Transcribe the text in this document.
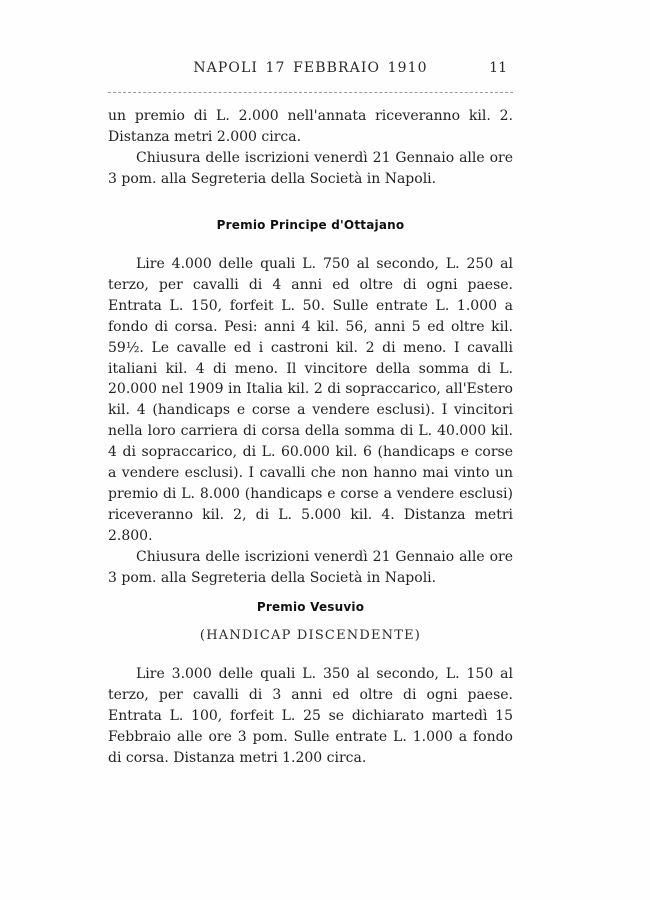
NAPOLI 17 FEBBRAIO 1910	11

un premio di L. 2.000 nell'annata riceveranno kil. 2. Distanza metri 2.000 circa.

Chiusura delle iscrizioni venerdì 21 Gennaio alle ore 3 pom. alla Segreteria della Società in Napoli.

Premio Principe d'Ottajano

Lire 4.000 delle quali L. 750 al secondo, L. 250 al terzo, per cavalli di 4 anni ed oltre di ogni paese. Entrata L. 150, forfeit L. 50. Sulle entrate L. 1.000 a fondo di corsa. Pesi: anni 4 kil. 56, anni 5 ed oltre kil. 59½. Le cavalle ed i castroni kil. 2 di meno. I cavalli italiani kil. 4 di meno. Il vincitore della somma di L. 20.000 nel 1909 in Italia kil. 2 di sopraccarico, all'Estero kil. 4 (handicaps e corse a vendere esclusi). I vincitori nella loro carriera di corsa della somma di L. 40.000 kil. 4 di sopraccarico, di L. 60.000 kil. 6 (handicaps e corse a vendere esclusi). I cavalli che non hanno mai vinto un premio di L. 8.000 (handicaps e corse a vendere esclusi) riceveranno kil. 2, di L. 5.000 kil. 4. Distanza metri 2.800.

Chiusura delle iscrizioni venerdì 21 Gennaio alle ore 3 pom. alla Segreteria della Società in Napoli.

Premio Vesuvio
(HANDICAP DISCENDENTE)

Lire 3.000 delle quali L. 350 al secondo, L. 150 al terzo, per cavalli di 3 anni ed oltre di ogni paese. Entrata L. 100, forfeit L. 25 se dichiarato martedì 15 Febbraio alle ore 3 pom. Sulle entrate L. 1.000 a fondo di corsa. Distanza metri 1.200 circa.
